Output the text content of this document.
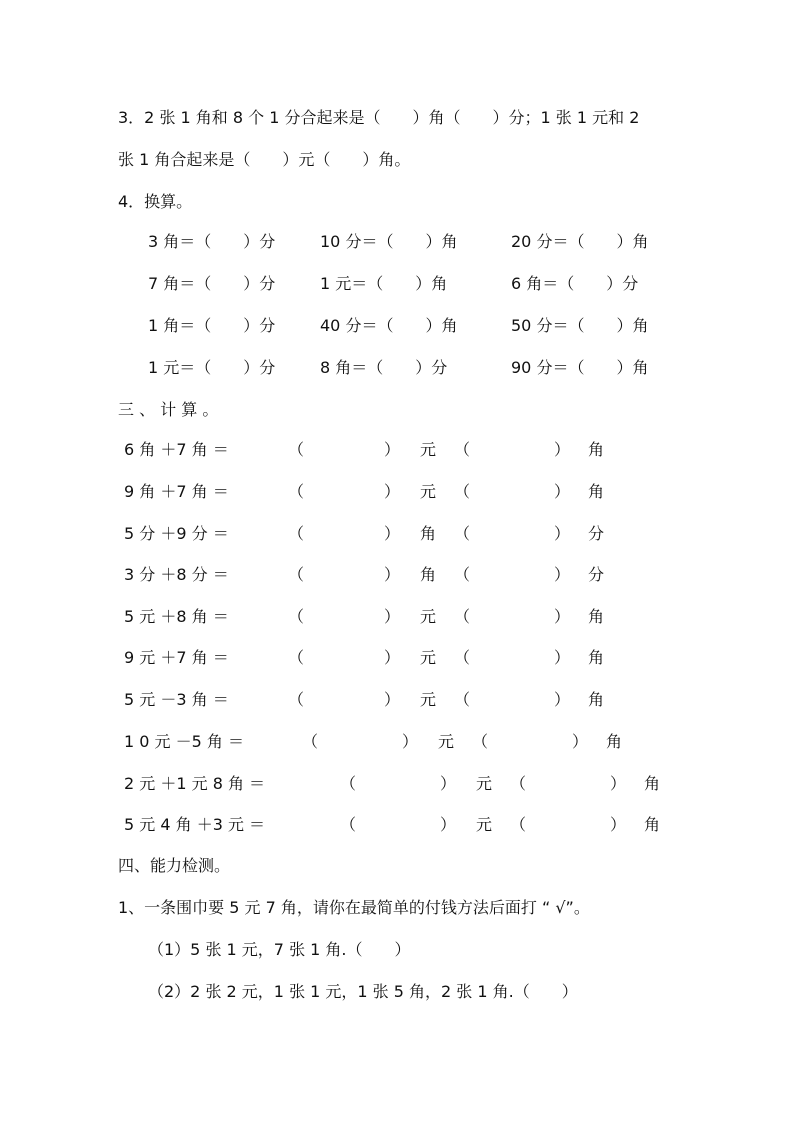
3．2 张 1 角和 8 个 1 分合起来是（　　）角（　　）分；1 张 1 元和 2
张 1 角合起来是（　　）元（　　）角。
4．换算。
3 角＝（　　）分	10 分＝（　　）角	20 分＝（　　）角
7 角＝（　　）分	1 元＝（　　）角	6 角＝（　　）分
1 角＝（　　）分	40 分＝（　　）角	50 分＝（　　）角
1 元＝（　　）分	8 角＝（　　）分	90 分＝（　　）角
三 、 计 算 。
6 角 ＋7 角 ＝	（	） 元 （	） 角
9 角 ＋7 角 ＝	（	） 元 （	） 角
5 分 ＋9 分 ＝	（	） 角 （	） 分
3 分 ＋8 分 ＝	（	） 角 （	） 分
5 元 ＋8 角 ＝	（	） 元 （	） 角
9 元 ＋7 角 ＝	（	） 元 （	） 角
5 元 －3 角 ＝	（	） 元 （	） 角
1 0 元 －5 角 ＝	（	） 元 （	） 角
2 元 ＋1 元 8 角 ＝	（	） 元 （	） 角
5 元 4 角 ＋3 元 ＝	（	） 元 （	） 角
四、能力检测。
1、一条围巾要 5 元 7 角，请你在最简单的付钱方法后面打 “ √”。
（1）5 张 1 元，7 张 1 角.（　　）
（2）2 张 2 元，1 张 1 元，1 张 5 角，2 张 1 角.（　　）
